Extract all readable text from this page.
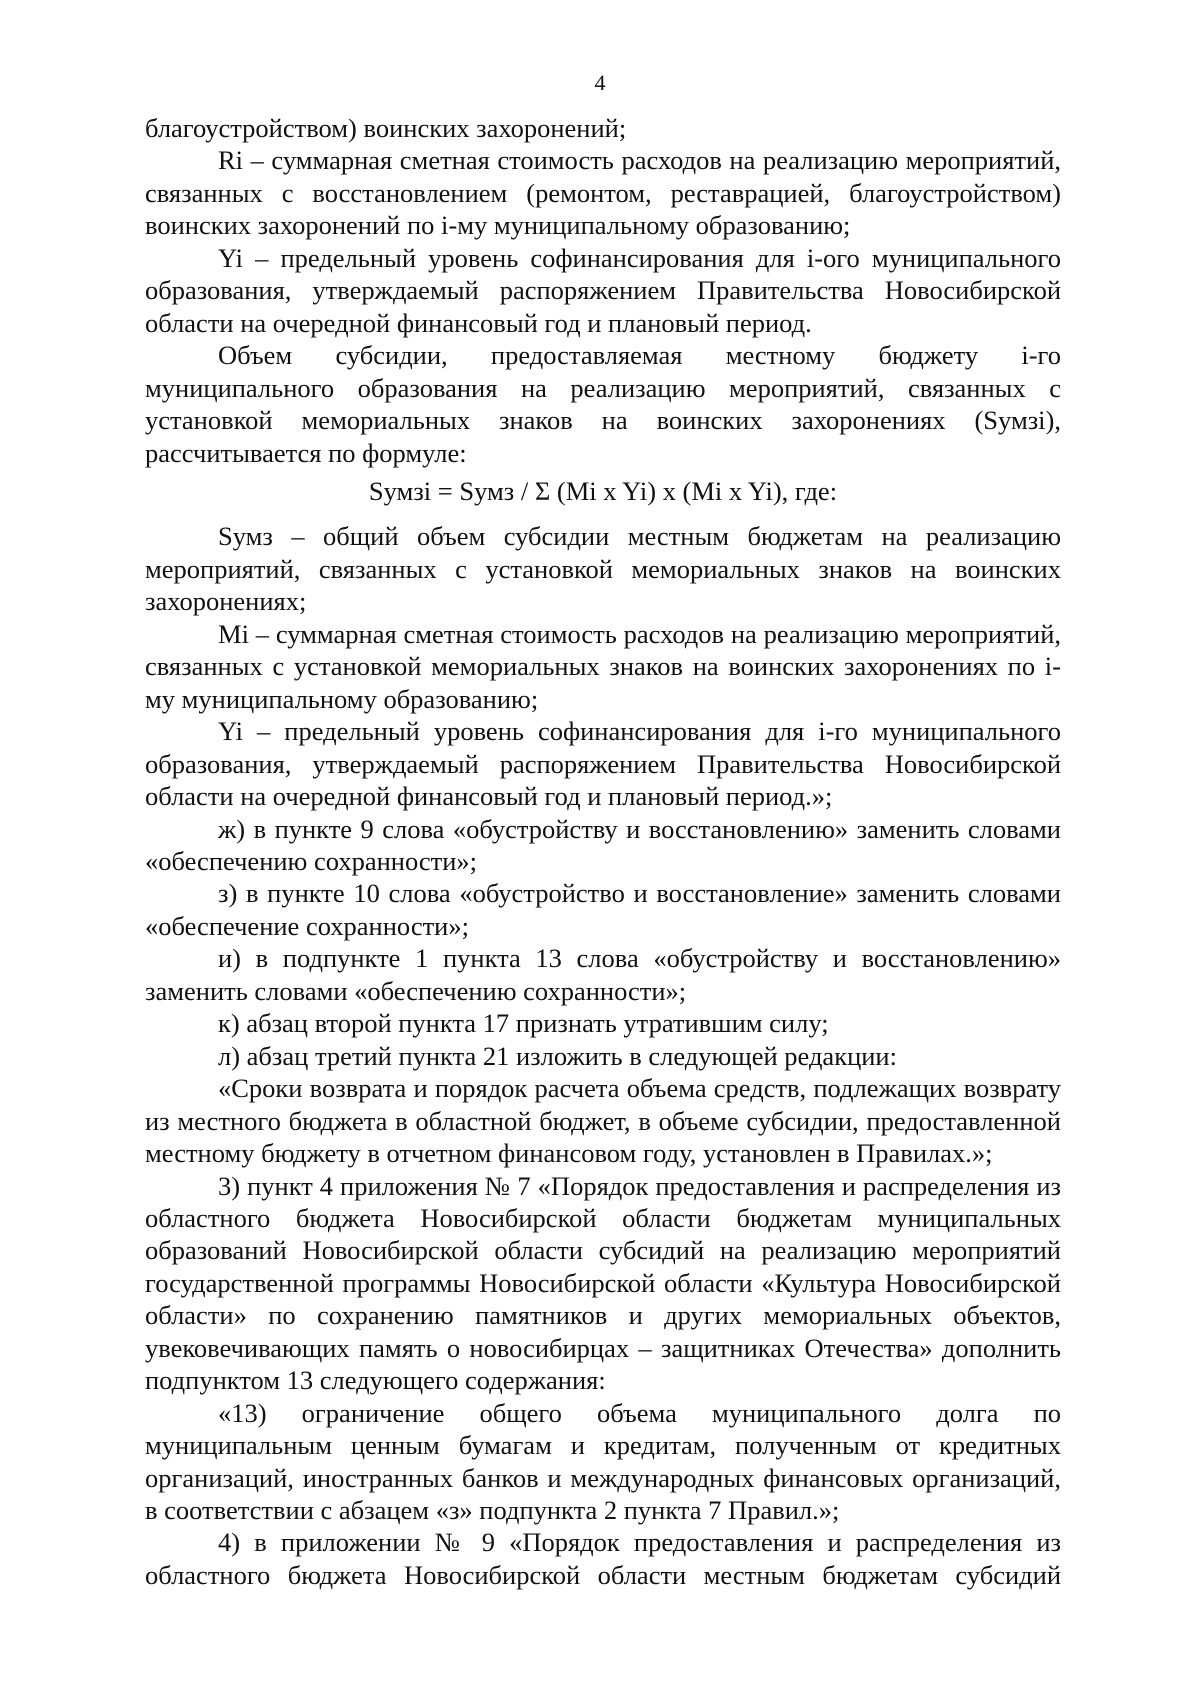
4

благоустройством) воинских захоронений;

Ri – суммарная сметная стоимость расходов на реализацию мероприятий, связанных с восстановлением (ремонтом, реставрацией, благоустройством) воинских захоронений по i-му муниципальному образованию;

Yi – предельный уровень софинансирования для i-ого муниципального образования, утверждаемый распоряжением Правительства Новосибирской области на очередной финансовый год и плановый период.

Объем субсидии, предоставляемая местному бюджету i-го муниципального образования на реализацию мероприятий, связанных с установкой мемориальных знаков на воинских захоронениях (Sумзi), рассчитывается по формуле:

Sумзi = Sумз / Σ (Mi x Yi) x (Mi x Yi), где:

Sумз – общий объем субсидии местным бюджетам на реализацию мероприятий, связанных с установкой мемориальных знаков на воинских захоронениях;

Mi – суммарная сметная стоимость расходов на реализацию мероприятий, связанных с установкой мемориальных знаков на воинских захоронениях по i-му муниципальному образованию;

Yi – предельный уровень софинансирования для i-го муниципального образования, утверждаемый распоряжением Правительства Новосибирской области на очередной финансовый год и плановый период.»;

ж) в пункте 9 слова «обустройству и восстановлению» заменить словами «обеспечению сохранности»;

з) в пункте 10 слова «обустройство и восстановление» заменить словами «обеспечение сохранности»;

и) в подпункте 1 пункта 13 слова «обустройству и восстановлению» заменить словами «обеспечению сохранности»;

к) абзац второй пункта 17 признать утратившим силу;

л) абзац третий пункта 21 изложить в следующей редакции:

«Сроки возврата и порядок расчета объема средств, подлежащих возврату из местного бюджета в областной бюджет, в объеме субсидии, предоставленной местному бюджету в отчетном финансовом году, установлен в Правилах.»;

3) пункт 4 приложения № 7 «Порядок предоставления и распределения из областного бюджета Новосибирской области бюджетам муниципальных образований Новосибирской области субсидий на реализацию мероприятий государственной программы Новосибирской области «Культура Новосибирской области» по сохранению памятников и других мемориальных объектов, увековечивающих память о новосибирцах – защитниках Отечества» дополнить подпунктом 13 следующего содержания:

«13) ограничение общего объема муниципального долга по муниципальным ценным бумагам и кредитам, полученным от кредитных организаций, иностранных банков и международных финансовых организаций, в соответствии с абзацем «з» подпункта 2 пункта 7 Правил.»;

4) в приложении № 9 «Порядок предоставления и распределения из областного бюджета Новосибирской области местным бюджетам субсидий
